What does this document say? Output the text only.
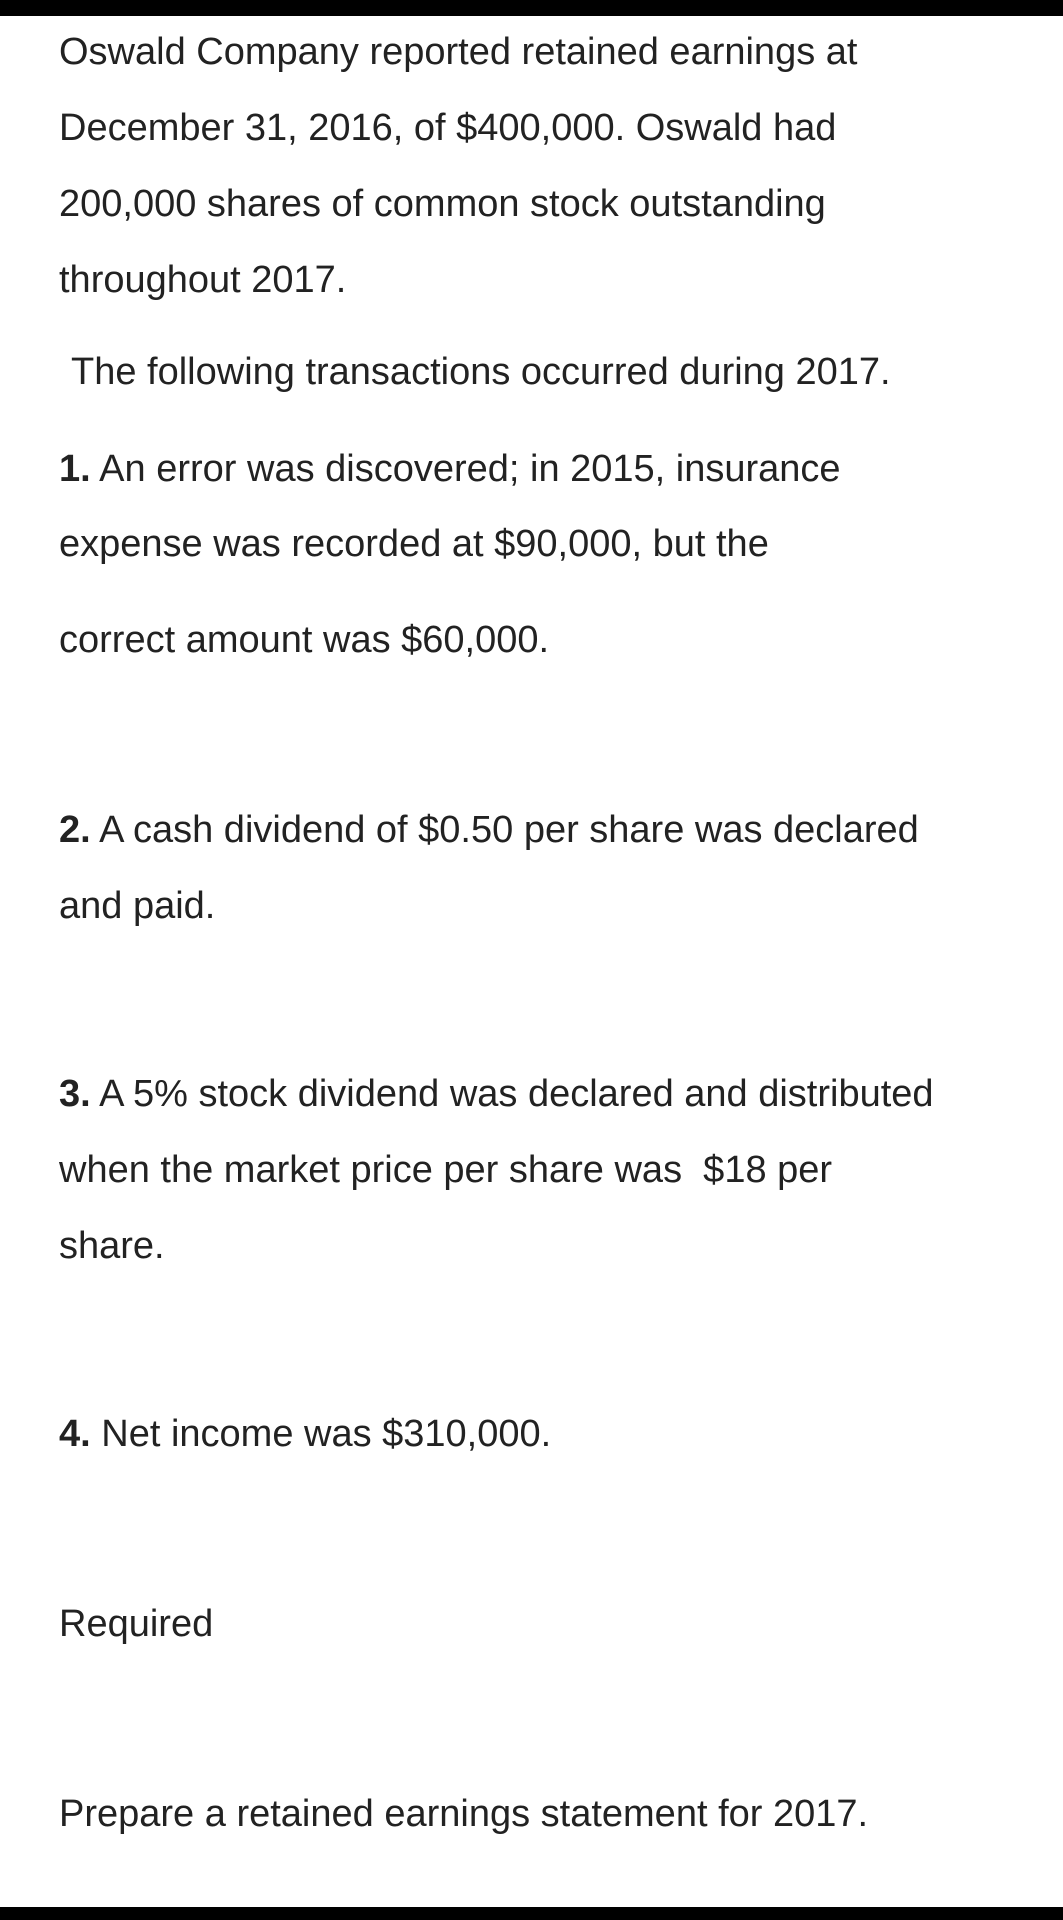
Oswald Company reported retained earnings at
December 31, 2016, of $400,000. Oswald had
200,000 shares of common stock outstanding
throughout 2017.
The following transactions occurred during 2017.
1. An error was discovered; in 2015, insurance
expense was recorded at $90,000, but the
correct amount was $60,000.
2. A cash dividend of $0.50 per share was declared
and paid.
3. A 5% stock dividend was declared and distributed
when the market price per share was  $18 per
share.
4. Net income was $310,000.
Required
Prepare a retained earnings statement for 2017.
